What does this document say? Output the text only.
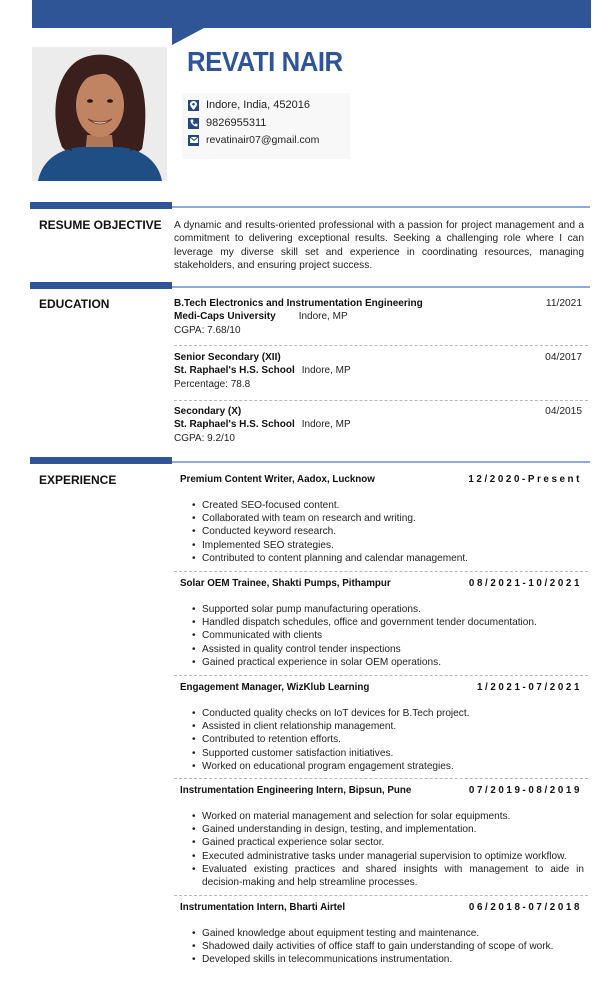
REVATI NAIR
Indore, India, 452016
9826955311
revatinair07@gmail.com
RESUME OBJECTIVE A dynamic and results-oriented professional with a passion for project management and a commitment to delivering exceptional results. Seeking a challenging role where I can leverage my diverse skill set and experience in coordinating resources, managing stakeholders, and ensuring project success.
EDUCATION	B.Tech Electronics and Instrumentation Engineering	11/2021
Medi-Caps University Indore, MP
CGPA: 7.68/10
Senior Secondary (XII)	04/2017
St. Raphael's H.S. School Indore, MP
Percentage: 78.8
Secondary (X)	04/2015
St. Raphael's H.S. School Indore, MP
CGPA: 9.2/10
EXPERIENCE	Premium Content Writer, Aadox, Lucknow	12/2020-Present
• Created SEO-focused content.
• Collaborated with team on research and writing.
• Conducted keyword research.
• Implemented SEO strategies.
• Contributed to content planning and calendar management.
Solar OEM Trainee, Shakti Pumps, Pithampur	08/2021-10/2021
• Supported solar pump manufacturing operations.
• Handled dispatch schedules, office and government tender documentation.
• Communicated with clients
• Assisted in quality control tender inspections
• Gained practical experience in solar OEM operations.
Engagement Manager, WizKlub Learning	1/2021-07/2021
• Conducted quality checks on IoT devices for B.Tech project.
• Assisted in client relationship management.
• Contributed to retention efforts.
• Supported customer satisfaction initiatives.
• Worked on educational program engagement strategies.
Instrumentation Engineering Intern, Bipsun, Pune	07/2019-08/2019
• Worked on material management and selection for solar equipments.
• Gained understanding in design, testing, and implementation.
• Gained practical experience solar sector.
• Executed administrative tasks under managerial supervision to optimize workflow.
• Evaluated existing practices and shared insights with management to aide in decision-making and help streamline processes.
Instrumentation Intern, Bharti Airtel	06/2018-07/2018
• Gained knowledge about equipment testing and maintenance.
• Shadowed daily activities of office staff to gain understanding of scope of work.
• Developed skills in telecommunications instrumentation.
